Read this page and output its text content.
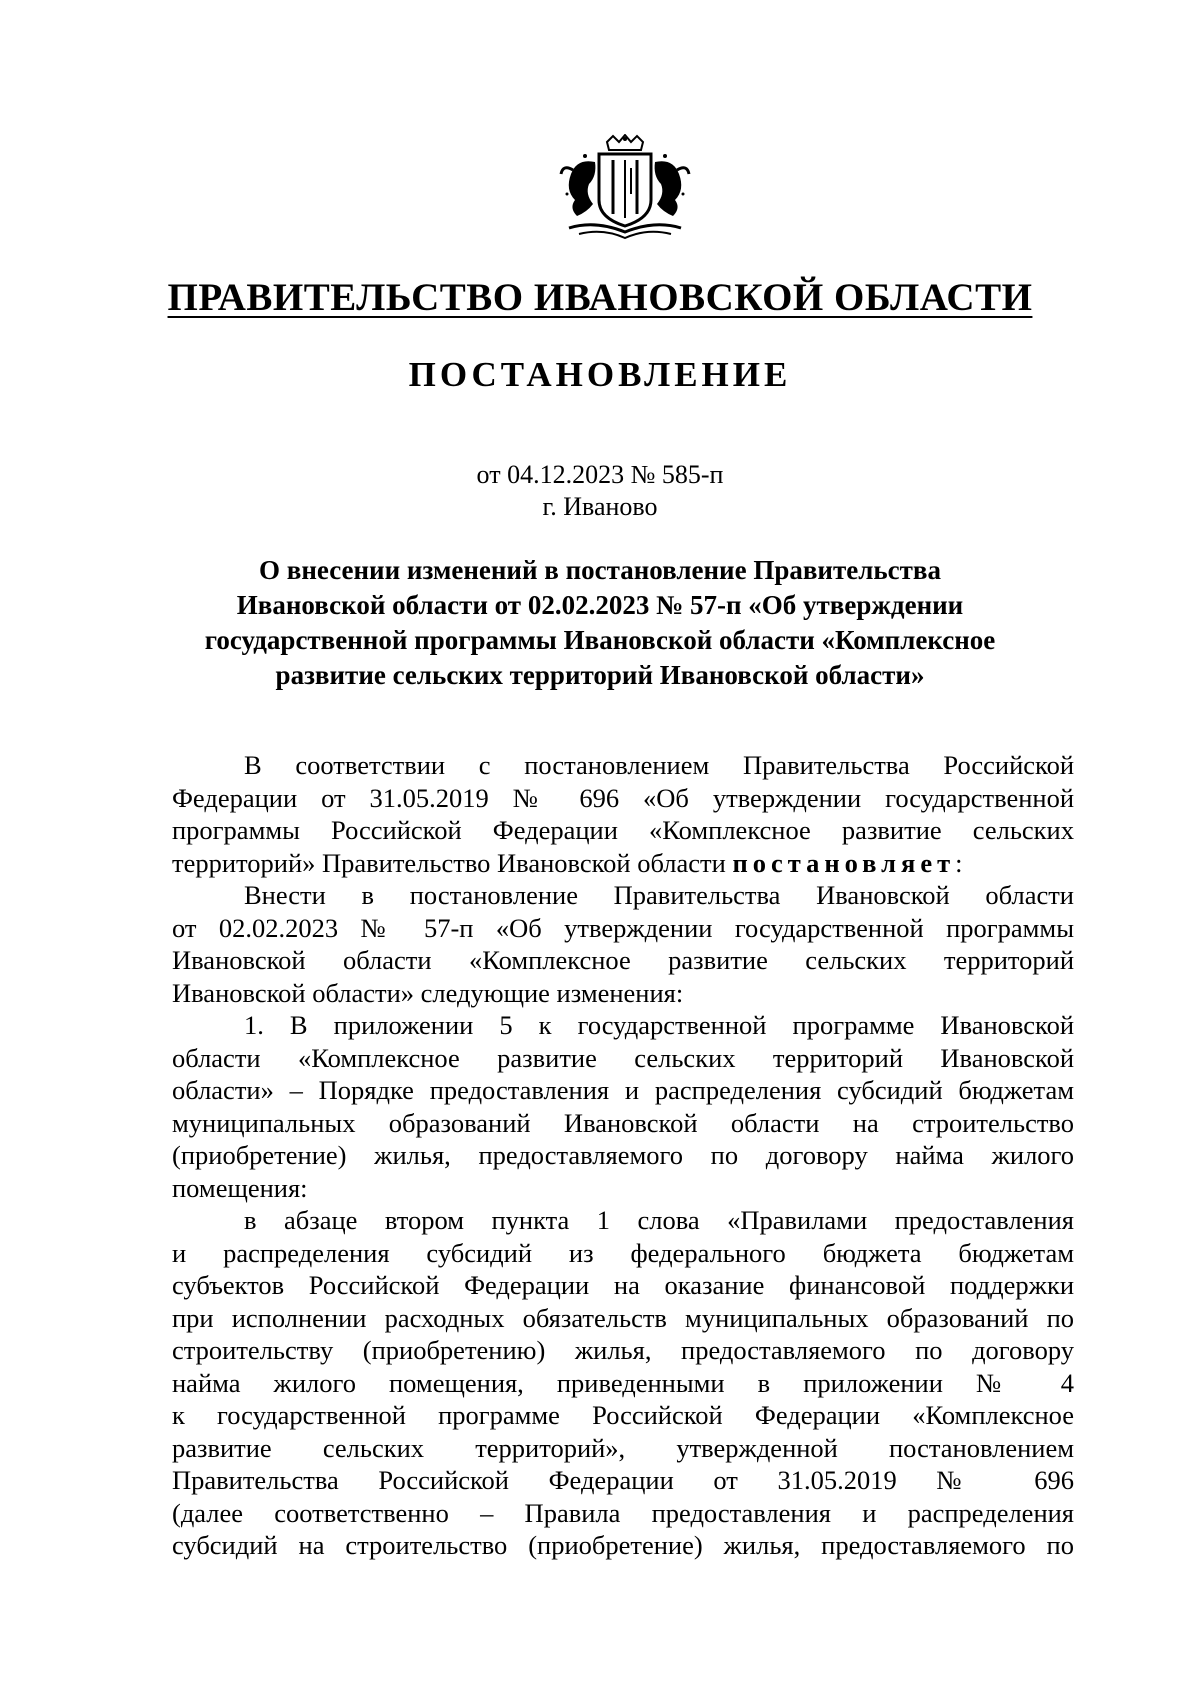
ПРАВИТЕЛЬСТВО ИВАНОВСКОЙ ОБЛАСТИ
ПОСТАНОВЛЕНИЕ
от 04.12.2023 № 585-п
г. Иваново
О внесении изменений в постановление Правительства
Ивановской области от 02.02.2023 № 57-п «Об утверждении
государственной программы Ивановской области «Комплексное
развитие сельских территорий Ивановской области»
В соответствии с постановлением Правительства Российской
Федерации от 31.05.2019 № 696 «Об утверждении государственной
программы Российской Федерации «Комплексное развитие сельских
территорий» Правительство Ивановской области постановляет:
Внести в постановление Правительства Ивановской области
от 02.02.2023 № 57-п «Об утверждении государственной программы
Ивановской области «Комплексное развитие сельских территорий
Ивановской области» следующие изменения:
1. В приложении 5 к государственной программе Ивановской
области «Комплексное развитие сельских территорий Ивановской
области» – Порядке предоставления и распределения субсидий бюджетам
муниципальных образований Ивановской области на строительство
(приобретение) жилья, предоставляемого по договору найма жилого
помещения:
в абзаце втором пункта 1 слова «Правилами предоставления
и распределения субсидий из федерального бюджета бюджетам
субъектов Российской Федерации на оказание финансовой поддержки
при исполнении расходных обязательств муниципальных образований по
строительству (приобретению) жилья, предоставляемого по договору
найма жилого помещения, приведенными в приложении № 4
к государственной программе Российской Федерации «Комплексное
развитие сельских территорий», утвержденной постановлением
Правительства Российской Федерации от 31.05.2019 № 696
(далее соответственно – Правила предоставления и распределения
субсидий на строительство (приобретение) жилья, предоставляемого по
